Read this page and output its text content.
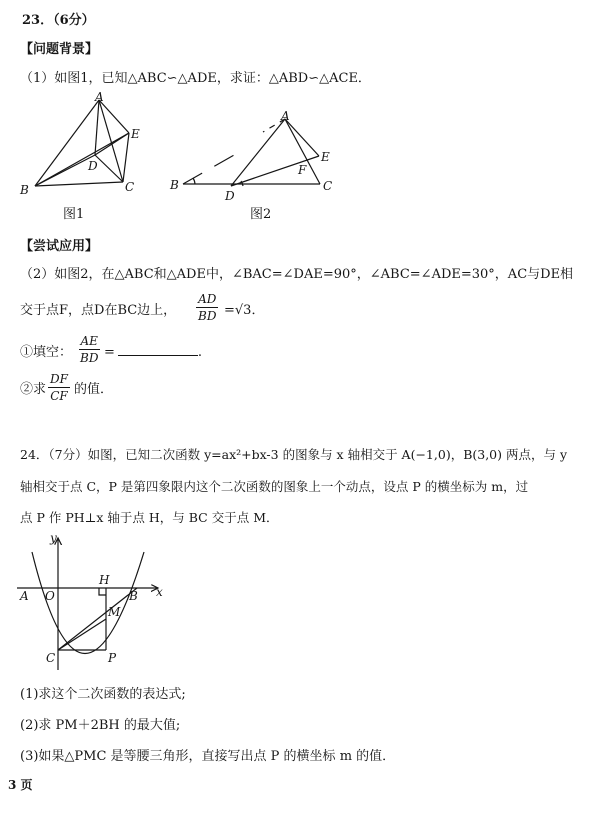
23．（6分）
【问题背景】
（1）如图1，已知△ABC∽△ADE，求证：△ABD∽△ACE．
A
B	C
D
E
图1
A
B	C
D
E
F
图2
【尝试应用】
（2）如图2，在△ABC和△ADE中，∠BAC=∠DAE=90°，∠ABC=∠ADE=30°，AC与DE相
交于点F，点D在BC边上， $\frac{AD}{BD} =√3$．
①填空： $\frac{AE}{BD}$ =	.
②求 $\frac{DF}{CF}$ 的值．
24．（7分）如图，已知二次函数 y=ax²+bx-3 的图象与 x 轴相交于 A(−1,0)，B(3,0) 两点，与 y
轴相交于点 C，P 是第四象限内这个二次函数的图象上一个动点，设点 P 的横坐标为 m，过
点 P 作 PH⊥x 轴于点 H，与 BC 交于点 M．
y
x
O
A	B
C
H
M
P
(1)求这个二次函数的表达式;
(2)求 PM＋2BH 的最大值;
(3)如果△PMC 是等腰三角形，直接写出点 P 的横坐标 m 的值．
3 页
